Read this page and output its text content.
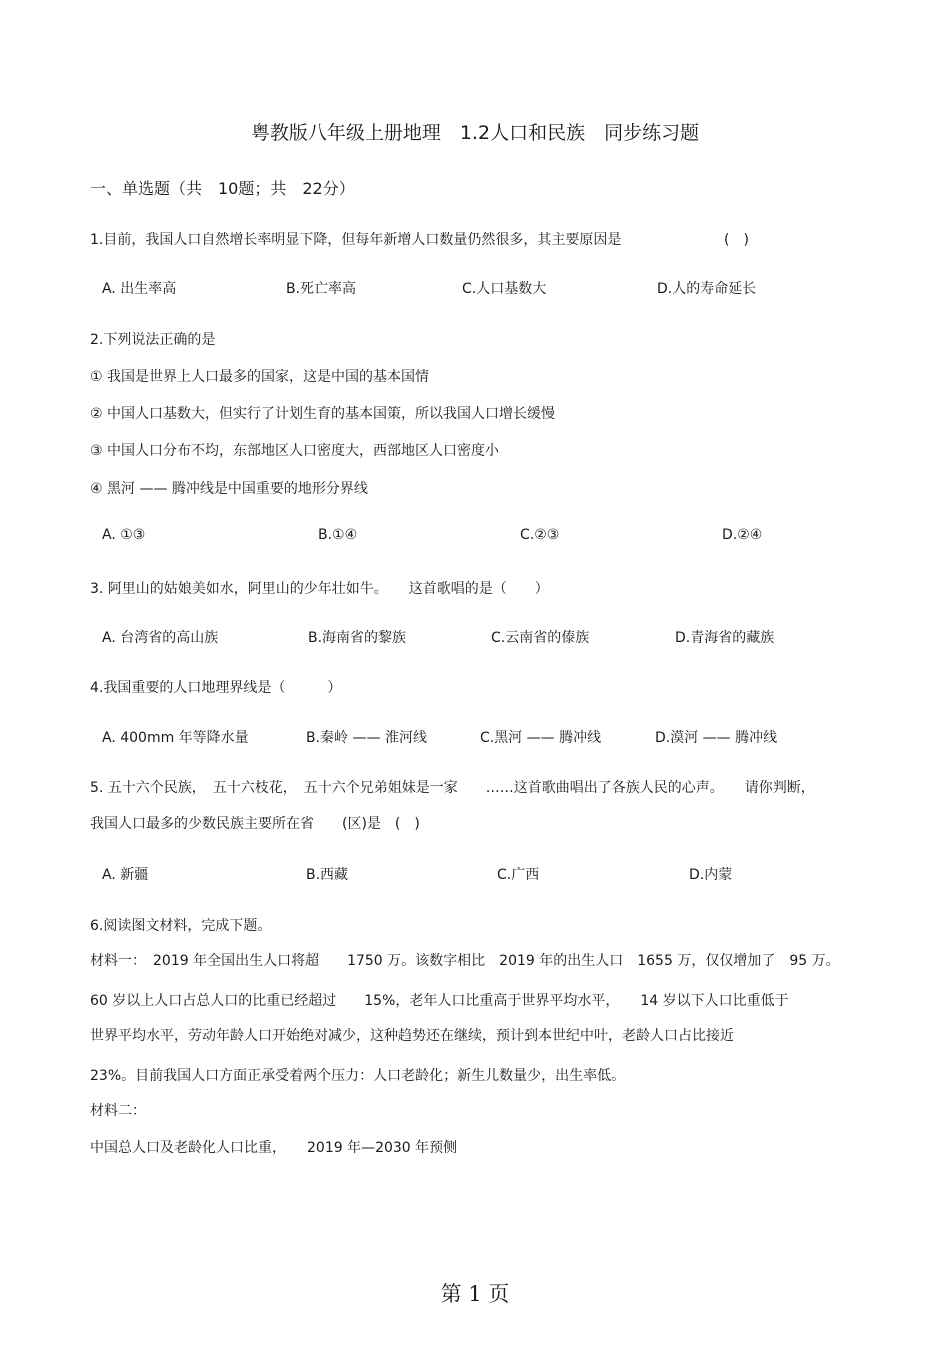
粤教版八年级上册地理　1.2人口和民族　同步练习题
一、单选题（共　10题；共　22分）
1.目前，我国人口自然增长率明显下降，但每年新增人口数量仍然很多，其主要原因是	(　)
A. 出生率高	B.死亡率高	C.人口基数大	D.人的寿命延长
2.下列说法正确的是
① 我国是世界上人口最多的国家，这是中国的基本国情
② 中国人口基数大，但实行了计划生育的基本国策，所以我国人口增长缓慢
③ 中国人口分布不均，东部地区人口密度大，西部地区人口密度小
④ 黑河 —— 腾冲线是中国重要的地形分界线
A. ①③	B.①④	C.②③	D.②④
3. 阿里山的姑娘美如水，阿里山的少年壮如牛。　　这首歌唱的是（　　）
A. 台湾省的高山族	B.海南省的黎族	C.云南省的傣族	D.青海省的藏族
4.我国重要的人口地理界线是（　　　）
A. 400mm 年等降水量	B.秦岭 —— 淮河线	C.黑河 —— 腾冲线	D.漠河 —— 腾冲线
5. 五十六个民族，　五十六枝花，　五十六个兄弟姐妹是一家　　……这首歌曲唱出了各族人民的心声。　　请你判断，
我国人口最多的少数民族主要所在省　　(区)是　(　)
A. 新疆	B.西藏	C.广西	D.内蒙
6.阅读图文材料，完成下题。
材料一：　2019 年全国出生人口将超　　1750 万。该数字相比　2019 年的出生人口　1655 万，仅仅增加了　95 万。
60 岁以上人口占总人口的比重已经超过　　15%，老年人口比重高于世界平均水平，　　14 岁以下人口比重低于
世界平均水平，劳动年龄人口开始绝对减少，这种趋势还在继续，预计到本世纪中叶，老龄人口占比接近
23%。目前我国人口方面正承受着两个压力：人口老龄化；新生儿数量少，出生率低。
材料二：
中国总人口及老龄化人口比重，　　2019 年—2030 年预侧
第 1 页
